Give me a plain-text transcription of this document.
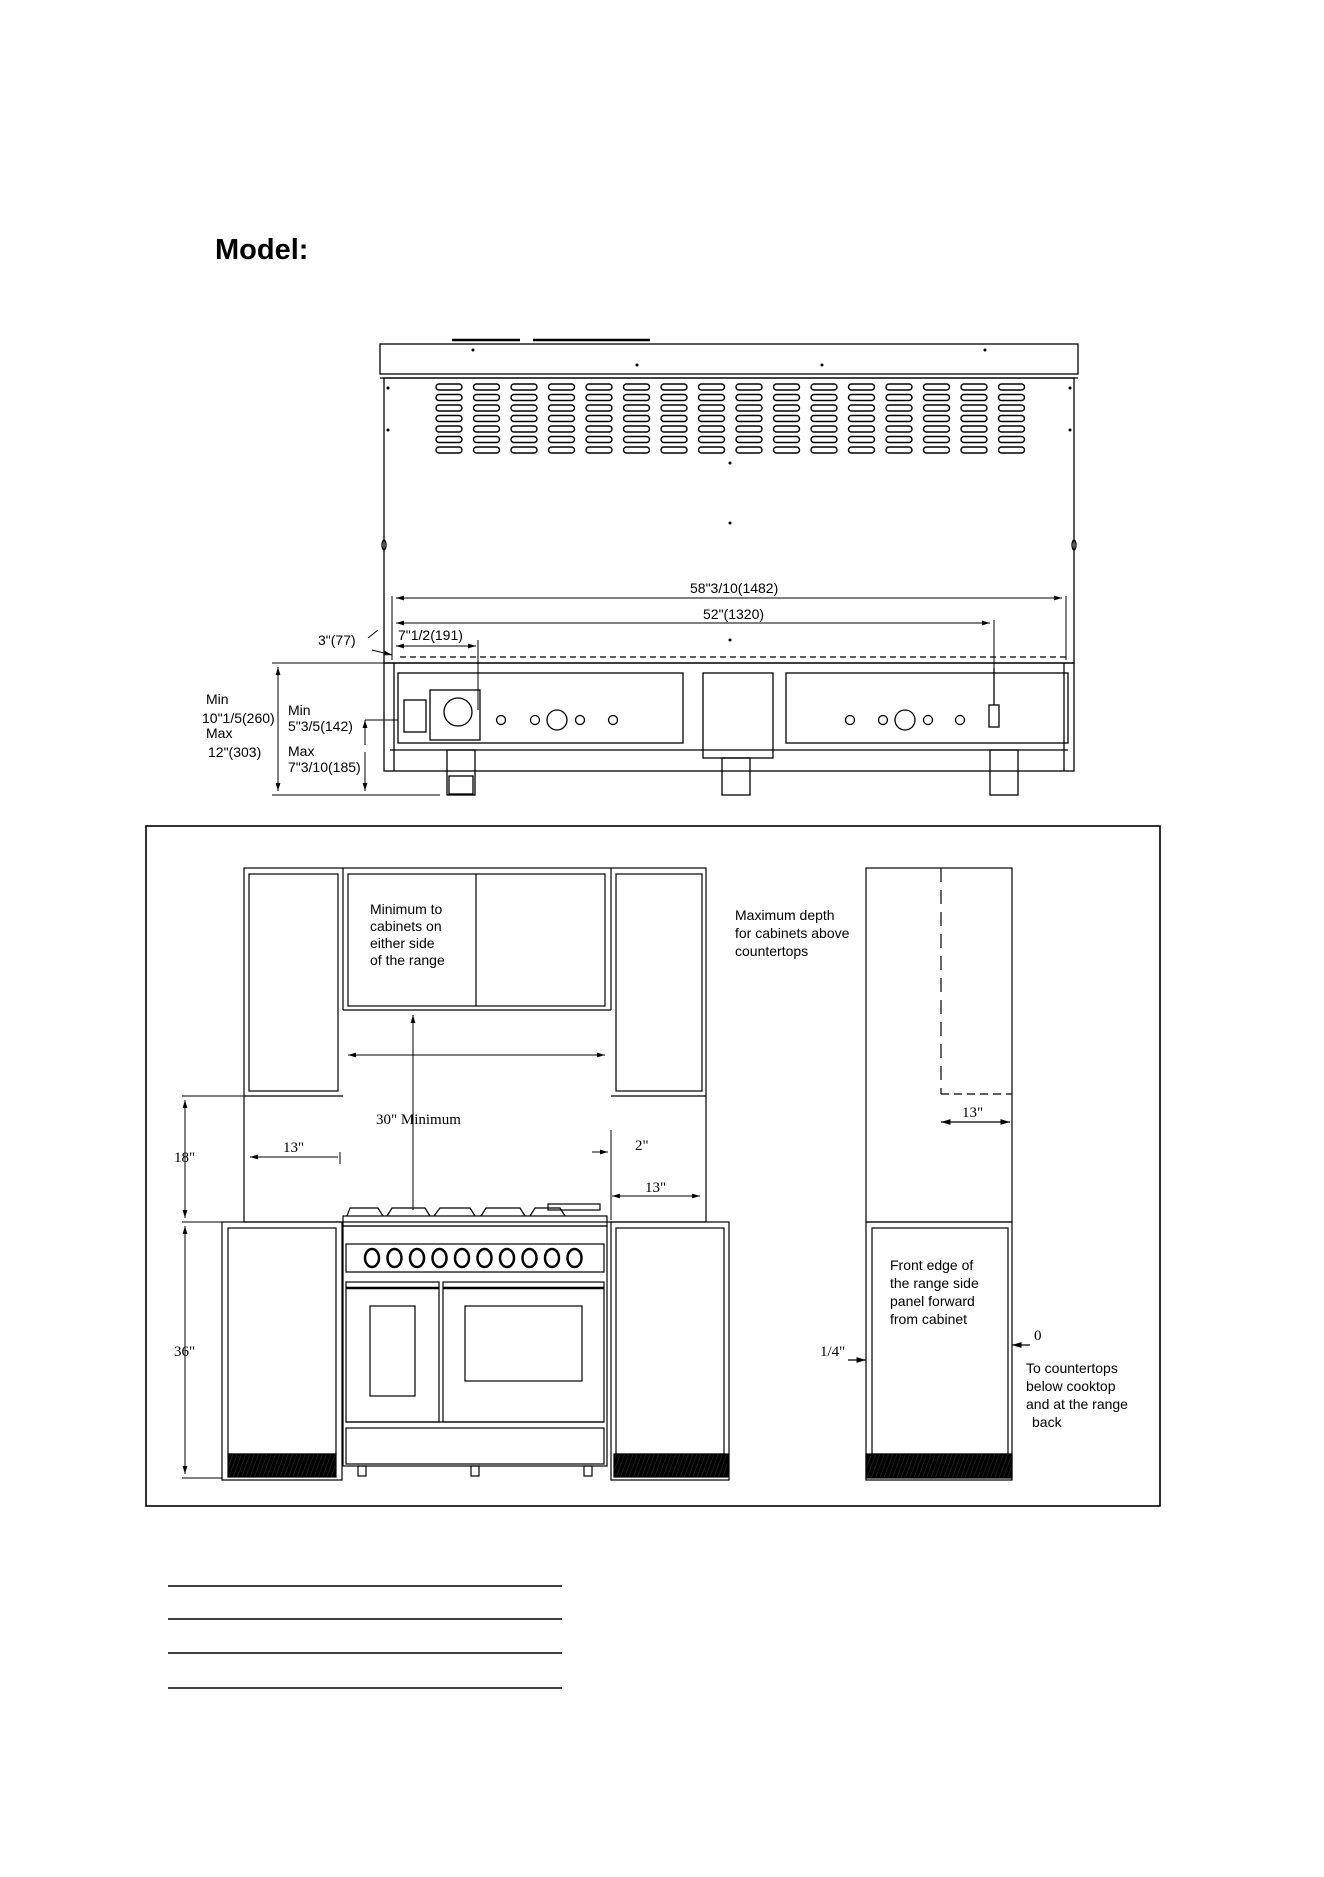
Model:
58"3/10(1482)
52"(1320)
7"1/2(191)
3"(77)
Min
10"1/5(260)
Max
12"(303)
Min
5"3/5(142)
Max
7"3/10(185)
Minimum to
cabinets on
either side
of the range
30" Minimum
13"
13"
2"
18"
36"
Maximum depth
for cabinets above
countertops
Front edge of
the range side
panel forward
from cabinet
To countertops
below cooktop
and at the range
back
13"
1/4"
0
